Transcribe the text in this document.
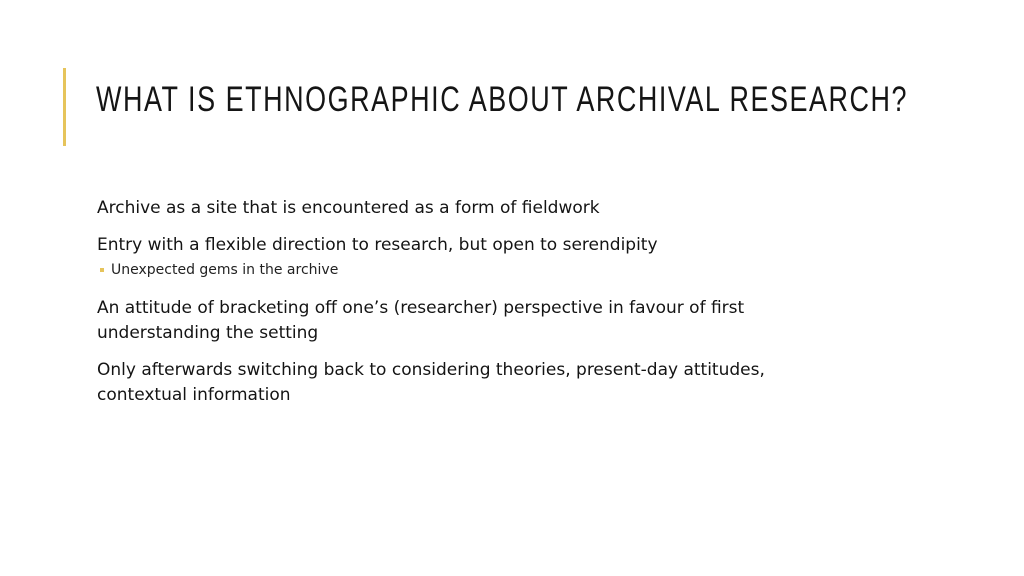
WHAT IS ETHNOGRAPHIC ABOUT ARCHIVAL RESEARCH?

Archive as a site that is encountered as a form of fieldwork

Entry with a flexible direction to research, but open to serendipity

Unexpected gems in the archive

An attitude of bracketing off one’s (researcher) perspective in favour of first understanding the setting

Only afterwards switching back to considering theories, present-day attitudes, contextual information
